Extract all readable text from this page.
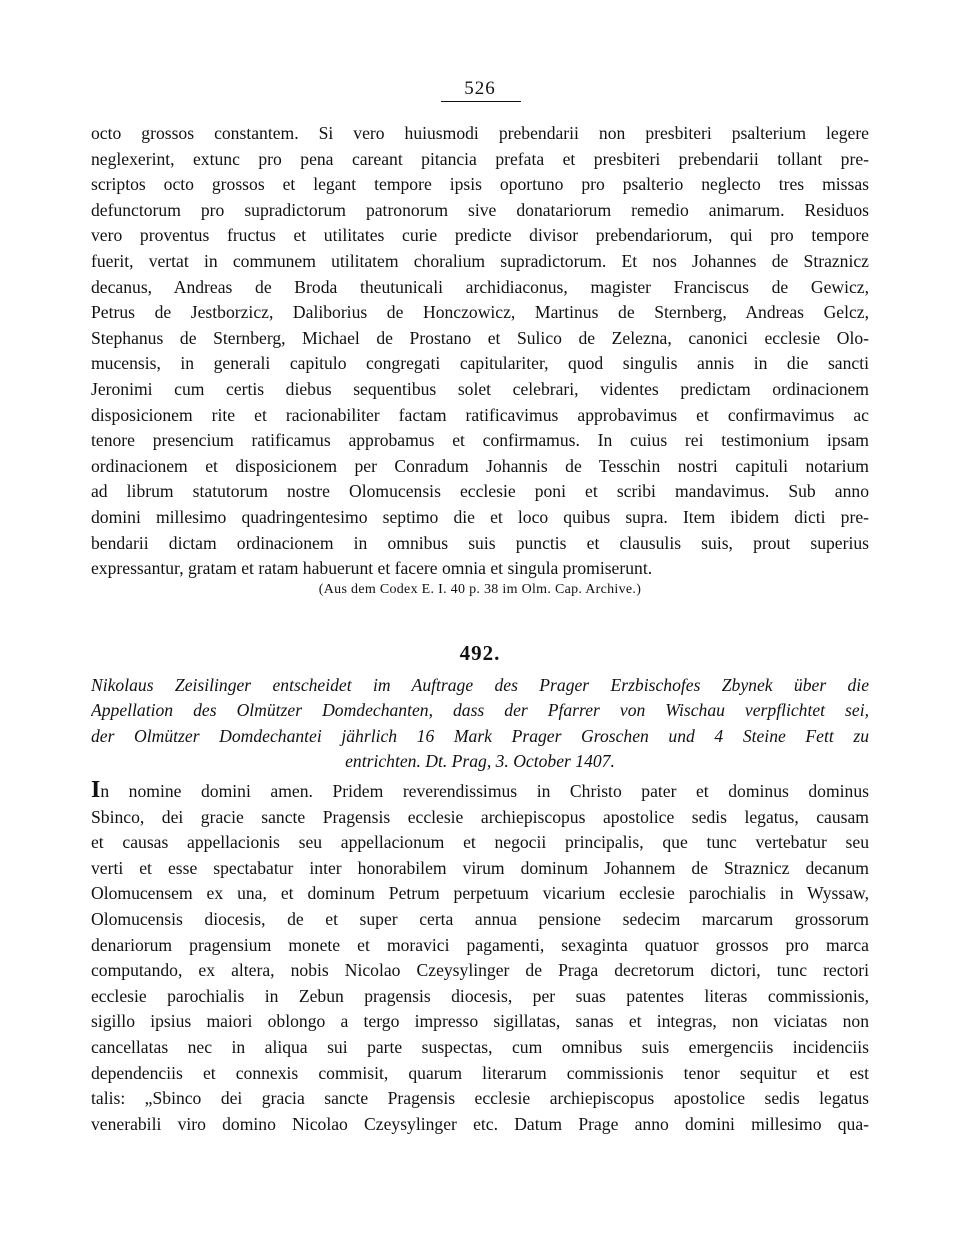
526
octo grossos constantem. Si vero huiusmodi prebendarii non presbiteri psalterium legere
neglexerint, extunc pro pena careant pitancia prefata et presbiteri prebendarii tollant pre-
scriptos octo grossos et legant tempore ipsis oportuno pro psalterio neglecto tres missas
defunctorum pro supradictorum patronorum sive donatariorum remedio animarum. Residuos
vero proventus fructus et utilitates curie predicte divisor prebendariorum, qui pro tempore
fuerit, vertat in communem utilitatem choralium supradictorum. Et nos Johannes de Straznicz
decanus, Andreas de Broda theutunicali archidiaconus, magister Franciscus de Gewicz,
Petrus de Jestborzicz, Daliborius de Honczowicz, Martinus de Sternberg, Andreas Gelcz,
Stephanus de Sternberg, Michael de Prostano et Sulico de Zelezna, canonici ecclesie Olo-
mucensis, in generali capitulo congregati capitulariter, quod singulis annis in die sancti
Jeronimi cum certis diebus sequentibus solet celebrari, videntes predictam ordinacionem
disposicionem rite et racionabiliter factam ratificavimus approbavimus et confirmavimus ac
tenore presencium ratificamus approbamus et confirmamus. In cuius rei testimonium ipsam
ordinacionem et disposicionem per Conradum Johannis de Tesschin nostri capituli notarium
ad librum statutorum nostre Olomucensis ecclesie poni et scribi mandavimus. Sub anno
domini millesimo quadringentesimo septimo die et loco quibus supra. Item ibidem dicti pre-
bendarii dictam ordinacionem in omnibus suis punctis et clausulis suis, prout superius
expressantur, gratam et ratam habuerunt et facere omnia et singula promiserunt.
(Aus dem Codex E. I. 40 p. 38 im Olm. Cap. Archive.)
492.
Nikolaus Zeisilinger entscheidet im Auftrage des Prager Erzbischofes Zbynek über die
Appellation des Olmützer Domdechanten, dass der Pfarrer von Wischau verpflichtet sei,
der Olmützer Domdechantei jährlich 16 Mark Prager Groschen und 4 Steine Fett zu
entrichten. Dt. Prag, 3. October 1407.
In nomine domini amen. Pridem reverendissimus in Christo pater et dominus dominus
Sbinco, dei gracie sancte Pragensis ecclesie archiepiscopus apostolice sedis legatus, causam
et causas appellacionis seu appellacionum et negocii principalis, que tunc vertebatur seu
verti et esse spectabatur inter honorabilem virum dominum Johannem de Straznicz decanum
Olomucensem ex una, et dominum Petrum perpetuum vicarium ecclesie parochialis in Wyssaw,
Olomucensis diocesis, de et super certa annua pensione sedecim marcarum grossorum
denariorum pragensium monete et moravici pagamenti, sexaginta quatuor grossos pro marca
computando, ex altera, nobis Nicolao Czeysylinger de Praga decretorum dictori, tunc rectori
ecclesie parochialis in Zebun pragensis diocesis, per suas patentes literas commissionis,
sigillo ipsius maiori oblongo a tergo impresso sigillatas, sanas et integras, non viciatas non
cancellatas nec in aliqua sui parte suspectas, cum omnibus suis emergenciis incidenciis
dependenciis et connexis commisit, quarum literarum commissionis tenor sequitur et est
talis: „Sbinco dei gracia sancte Pragensis ecclesie archiepiscopus apostolice sedis legatus
venerabili viro domino Nicolao Czeysylinger etc. Datum Prage anno domini millesimo qua-
